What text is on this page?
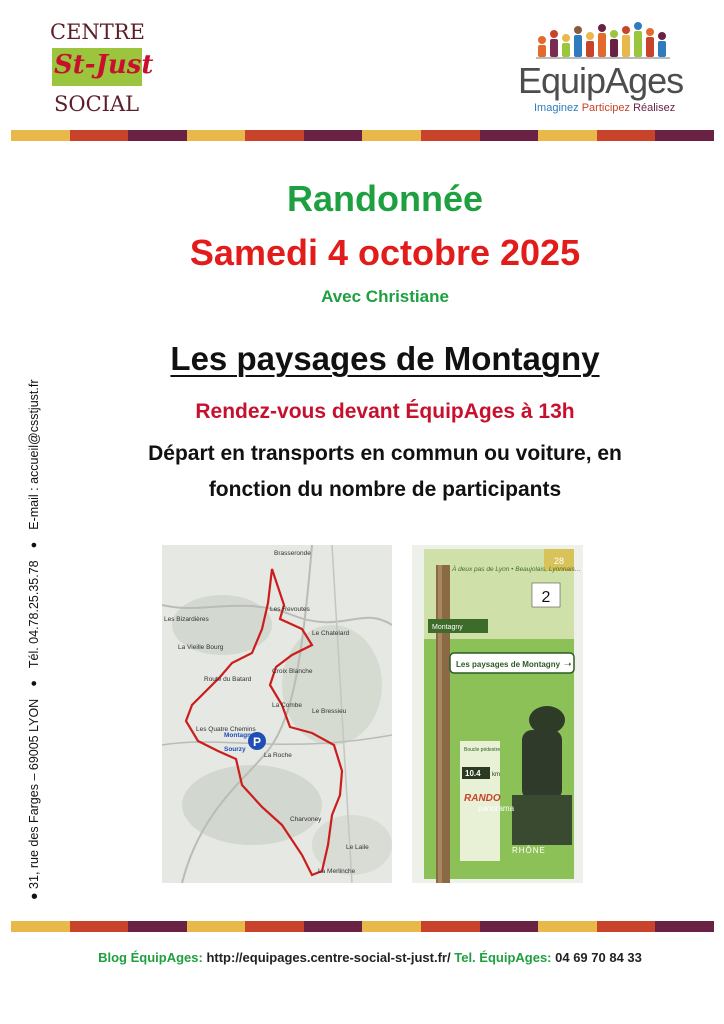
CENTRE
St-Just
SOCIAL
EquipAges
Imaginez Participez Réalisez
●

31, rue des Farges – 69005 LYON
●
Tél. 04.78.25.35.78
●
E-mail : accueil@csstjust.fr
Randonnée
Samedi 4 octobre 2025
Avec Christiane
Les paysages de Montagny
Rendez-vous devant ÉquipAges à 13h
Départ en transports en commun ou voiture, en
fonction du nombre de participants
P
Brasseronde
Les Revoutes
Les Bizardières
Le Chatelard
La Vieille Bourg
Croix Blanche
Route du Batard
La Combe
Le Bressieu
Les Quatre Chemins
Montagny
Sourzy
La Roche
Charvoney
Le Laile
La Merlinche
28
À deux pas de Lyon • Beaujolais, Lyonnais…
2
Montagny
Les paysages de Montagny ➝
Boucle pédestre
10.4 km
RANDO
panorama
RHÔNE
Blog ÉquipAges: http://equipages.centre-social-st-just.fr/ Tel. ÉquipAges: 04 69 70 84 33
